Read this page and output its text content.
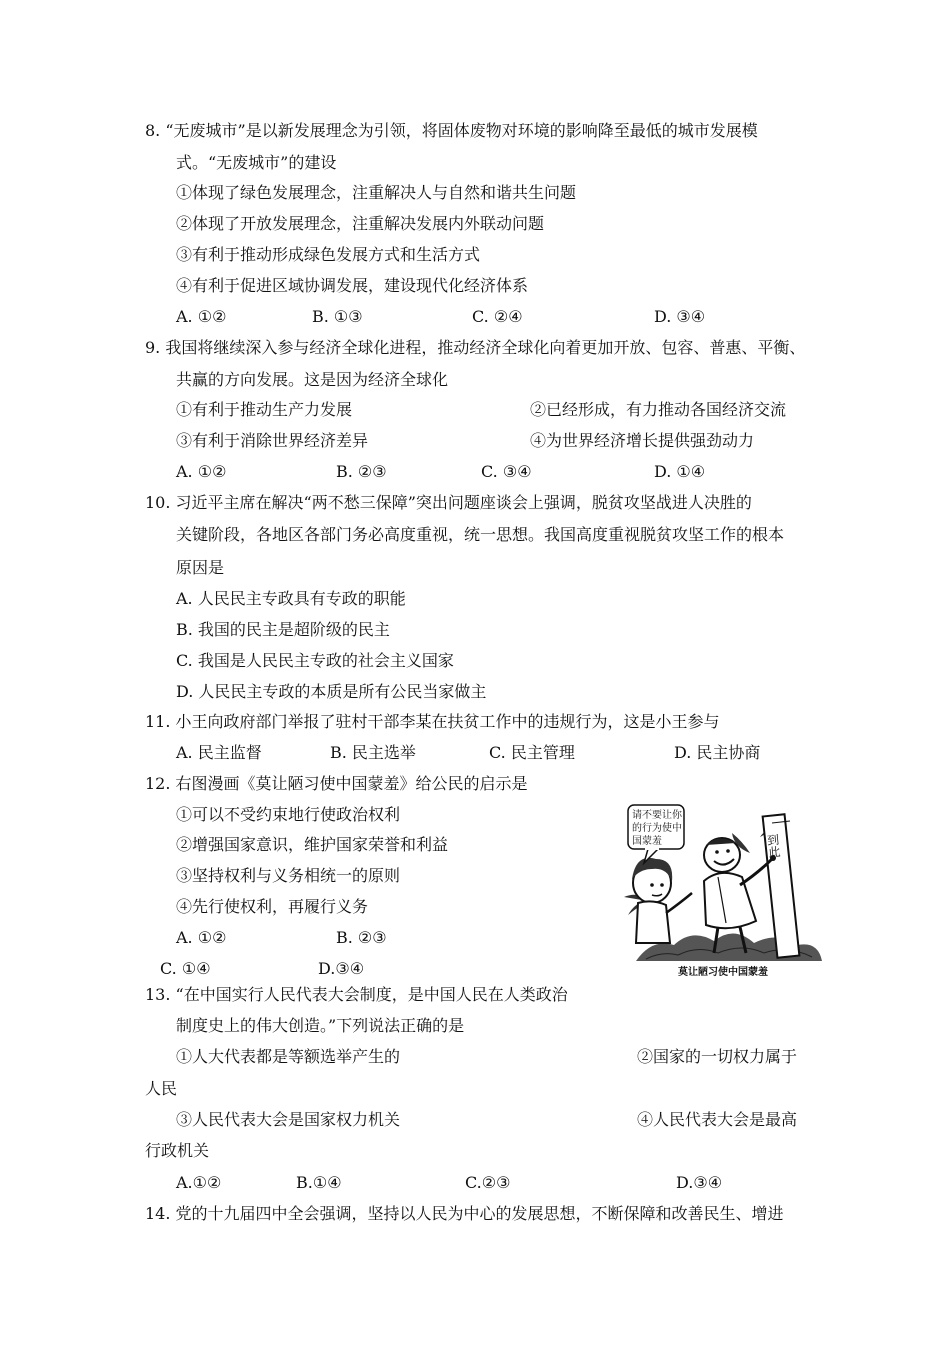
8. “无废城市”是以新发展理念为引领，将固体废物对环境的影响降至最低的城市发展模
式。“无废城市”的建设
①体现了绿色发展理念，注重解决人与自然和谐共生问题
②体现了开放发展理念，注重解决发展内外联动问题
③有利于推动形成绿色发展方式和生活方式
④有利于促进区域协调发展，建设现代化经济体系
A. ①②	B. ①③	C. ②④	D. ③④
9. 我国将继续深入参与经济全球化进程，推动经济全球化向着更加开放、包容、普惠、平衡、
共赢的方向发展。这是因为经济全球化
①有利于推动生产力发展	②已经形成，有力推动各国经济交流
③有利于消除世界经济差异	④为世界经济增长提供强劲动力
A. ①②	B. ②③	C. ③④	D. ①④
10. 习近平主席在解决“两不愁三保障”突出问题座谈会上强调，脱贫攻坚战进人决胜的
关键阶段，各地区各部门务必高度重视，统一思想。我国高度重视脱贫攻坚工作的根本
原因是
A. 人民民主专政具有专政的职能
B. 我国的民主是超阶级的民主
C. 我国是人民民主专政的社会主义国家
D. 人民民主专政的本质是所有公民当家做主
11. 小王向政府部门举报了驻村干部李某在扶贫工作中的违规行为，这是小王参与
A. 民主监督	B. 民主选举	C. 民主管理	D. 民主协商
12. 右图漫画《莫让陋习使中国蒙羞》给公民的启示是
①可以不受约束地行使政治权利
②增强国家意识，维护国家荣誉和利益
③坚持权利与义务相统一的原则
④先行使权利，再履行义务
A. ①②	B. ②③
C. ①④	D.③④
请不要让你
的行为使中
国蒙羞	到此
莫让陋习使中国蒙羞
13. “在中国实行人民代表大会制度，是中国人民在人类政治
制度史上的伟大创造。”下列说法正确的是
①人大代表都是等额选举产生的	②国家的一切权力属于
人民
③人民代表大会是国家权力机关	④人民代表大会是最高
行政机关
A.①②	B.①④	C.②③	D.③④
14. 党的十九届四中全会强调，坚持以人民为中心的发展思想，不断保障和改善民生、增进
